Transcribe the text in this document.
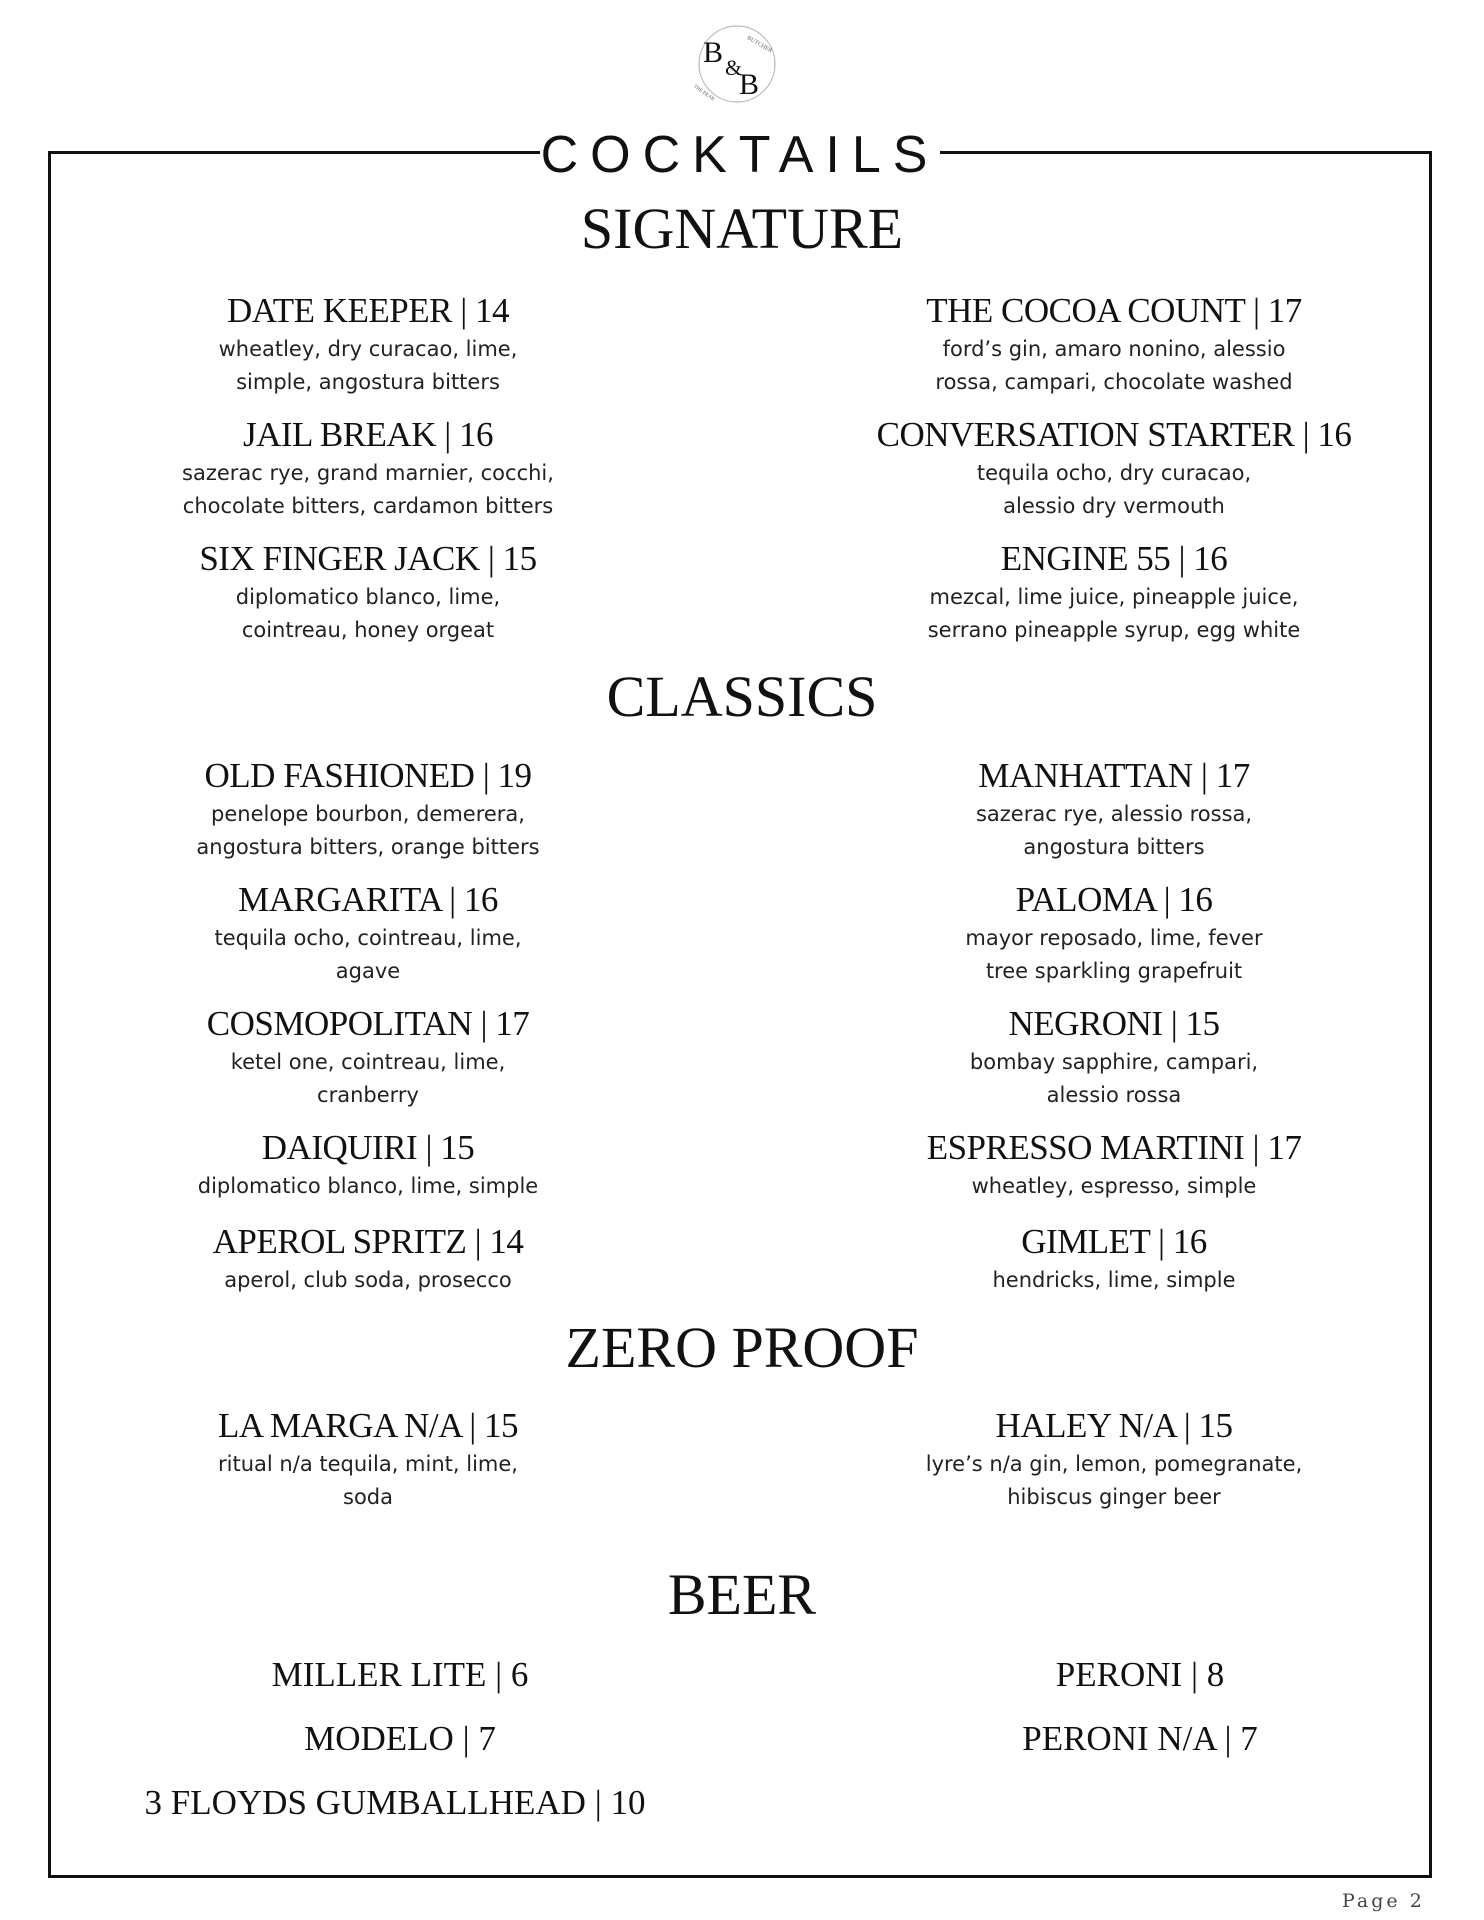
B &
B
BUTCHER
THE BEAR
COCKTAILS
SIGNATURE
DATE KEEPER | 14
wheatley, dry curacao, lime,
simple, angostura bitters
THE COCOA COUNT | 17
ford’s gin, amaro nonino, alessio
rossa, campari, chocolate washed
JAIL BREAK | 16
sazerac rye, grand marnier, cocchi,
chocolate bitters, cardamon bitters
CONVERSATION STARTER | 16
tequila ocho, dry curacao,
alessio dry vermouth
SIX FINGER JACK | 15
diplomatico blanco, lime,
cointreau, honey orgeat
ENGINE 55 | 16
mezcal, lime juice, pineapple juice,
serrano pineapple syrup, egg white
CLASSICS
OLD FASHIONED | 19
penelope bourbon, demerera,
angostura bitters, orange bitters
MANHATTAN | 17
sazerac rye, alessio rossa,
angostura bitters
MARGARITA | 16
tequila ocho, cointreau, lime,
agave
PALOMA | 16
mayor reposado, lime, fever
tree sparkling grapefruit
COSMOPOLITAN | 17
ketel one, cointreau, lime,
cranberry
NEGRONI | 15
bombay sapphire, campari,
alessio rossa
DAIQUIRI | 15
diplomatico blanco, lime, simple
ESPRESSO MARTINI | 17
wheatley, espresso, simple
APEROL SPRITZ | 14
aperol, club soda, prosecco
GIMLET | 16
hendricks, lime, simple
ZERO PROOF
LA MARGA N/A | 15
ritual n/a tequila, mint, lime,
soda
HALEY N/A | 15
lyre’s n/a gin, lemon, pomegranate,
hibiscus ginger beer
BEER
MILLER LITE | 6	PERONI | 8
MODELO | 7	PERONI N/A | 7
3 FLOYDS GUMBALLHEAD | 10
Page 2
